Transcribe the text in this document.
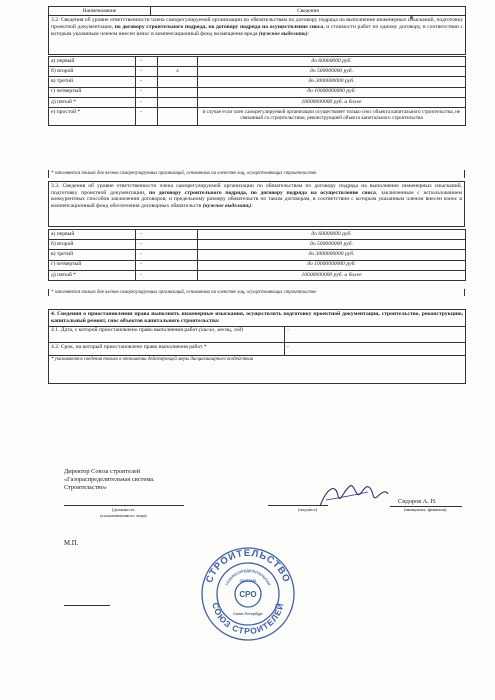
Наименование	Сведения
3.2. Сведения об уровне ответственности члена саморегулируемой организации по обязательствам по договору подряда на выполнение инженерных изысканий, подготовку проектной документации, по договору строительного подряда, по договору подряда на осуществление сноса, и стоимости работ по одному договору, в соответствии с которым указанным членом внесен взнос в компенсационный фонд возмещения вреда (нужное выделить):
а) первый	-		до 60000000 руб.
б) второй	-	х	до 500000000 руб.
в) третий	-		до 3000000000 руб.
г) четвертый	-		до 10000000000 руб.
д) пятый *	-		10000000000 руб. и более
е) простой *	-		в случае если член саморегулируемой организации осуществляет только снос объекта капитального строительства, не связанный со строительством, реконструкцией объекта капитального строительства
* заполняется только для членов саморегулируемых организаций, основанных на членстве лиц, осуществляющих строительство
3.3. Сведения об уровне ответственности члена саморегулируемой организации по обязательствам по договору подряда на выполнение инженерных изысканий, подготовку проектной документации, по договору строительного подряда, по договору подряда на осуществление сноса, заключенным с использованием конкурентных способов заключения договоров, и предельному размеру обязательств по таким договорам, в соответствии с которым указанным членом внесен взнос в компенсационный фонд обеспечения договорных обязательств (нужное выделить):
а) первый	-	до 60000000 руб.
б) второй	-	до 500000000 руб.
в) третий	-	до 3000000000 руб.
г) четвертый	-	до 10000000000 руб.
д) пятый *	-	10000000000 руб. и более
* заполняется только для членов саморегулируемых организаций, основанных на членстве лиц, осуществляющих строительство
4. Сведения о приостановлении права выполнять инженерные изыскания, осуществлять подготовку проектной документации, строительство, реконструкцию, капитальный ремонт, снос объектов капитального строительства:	
4.1. Дата, с которой приостановлено право выполнения работ (число, месяц, год)	-
4.2. Срок, на который приостановлено право выполнения работ *	-
* указываются сведения только в отношении действующей меры дисциплинарного воздействия	
Директор Союза строителей
«Газораспределительная система.
Строительство»
(должность
уполномоченного лица)
(подпись)
Сидоров А. Н.
(инициалы, фамилия)
М.П.
СТРОИТЕЛЬСТВО
СОЮЗ СТРОИТЕЛЕЙ
ГАЗОРАСПРЕДЕЛИТЕЛЬНАЯ
СИСТЕМА
СРО
Санкт-Петербург
